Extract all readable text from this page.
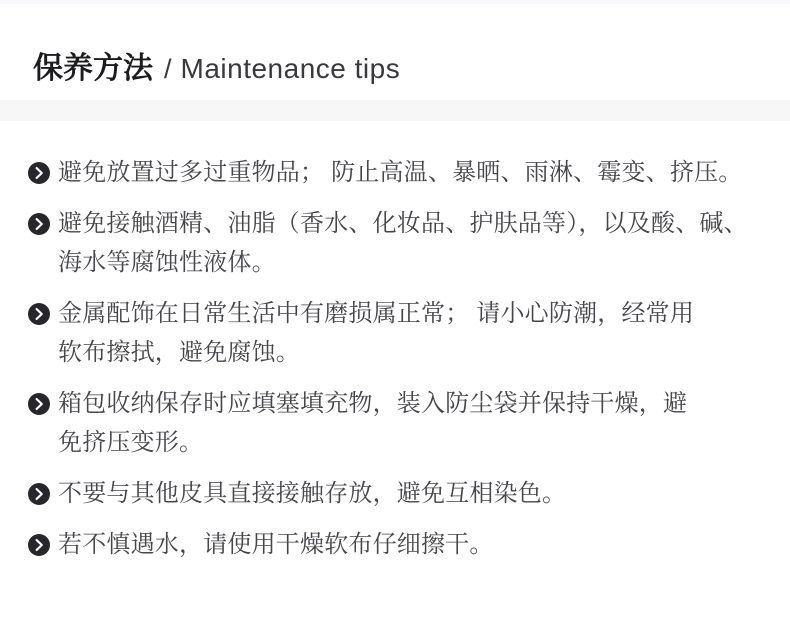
保养方法 / Maintenance tips
避免放置过多过重物品； 防止高温、暴晒、雨淋、霉变、挤压。
避免接触酒精、油脂（香水、化妆品、护肤品等），以及酸、碱、
海水等腐蚀性液体。
金属配饰在日常生活中有磨损属正常； 请小心防潮，经常用
软布擦拭，避免腐蚀。
箱包收纳保存时应填塞填充物，装入防尘袋并保持干燥，避
免挤压变形。
不要与其他皮具直接接触存放，避免互相染色。
若不慎遇水，请使用干燥软布仔细擦干。
